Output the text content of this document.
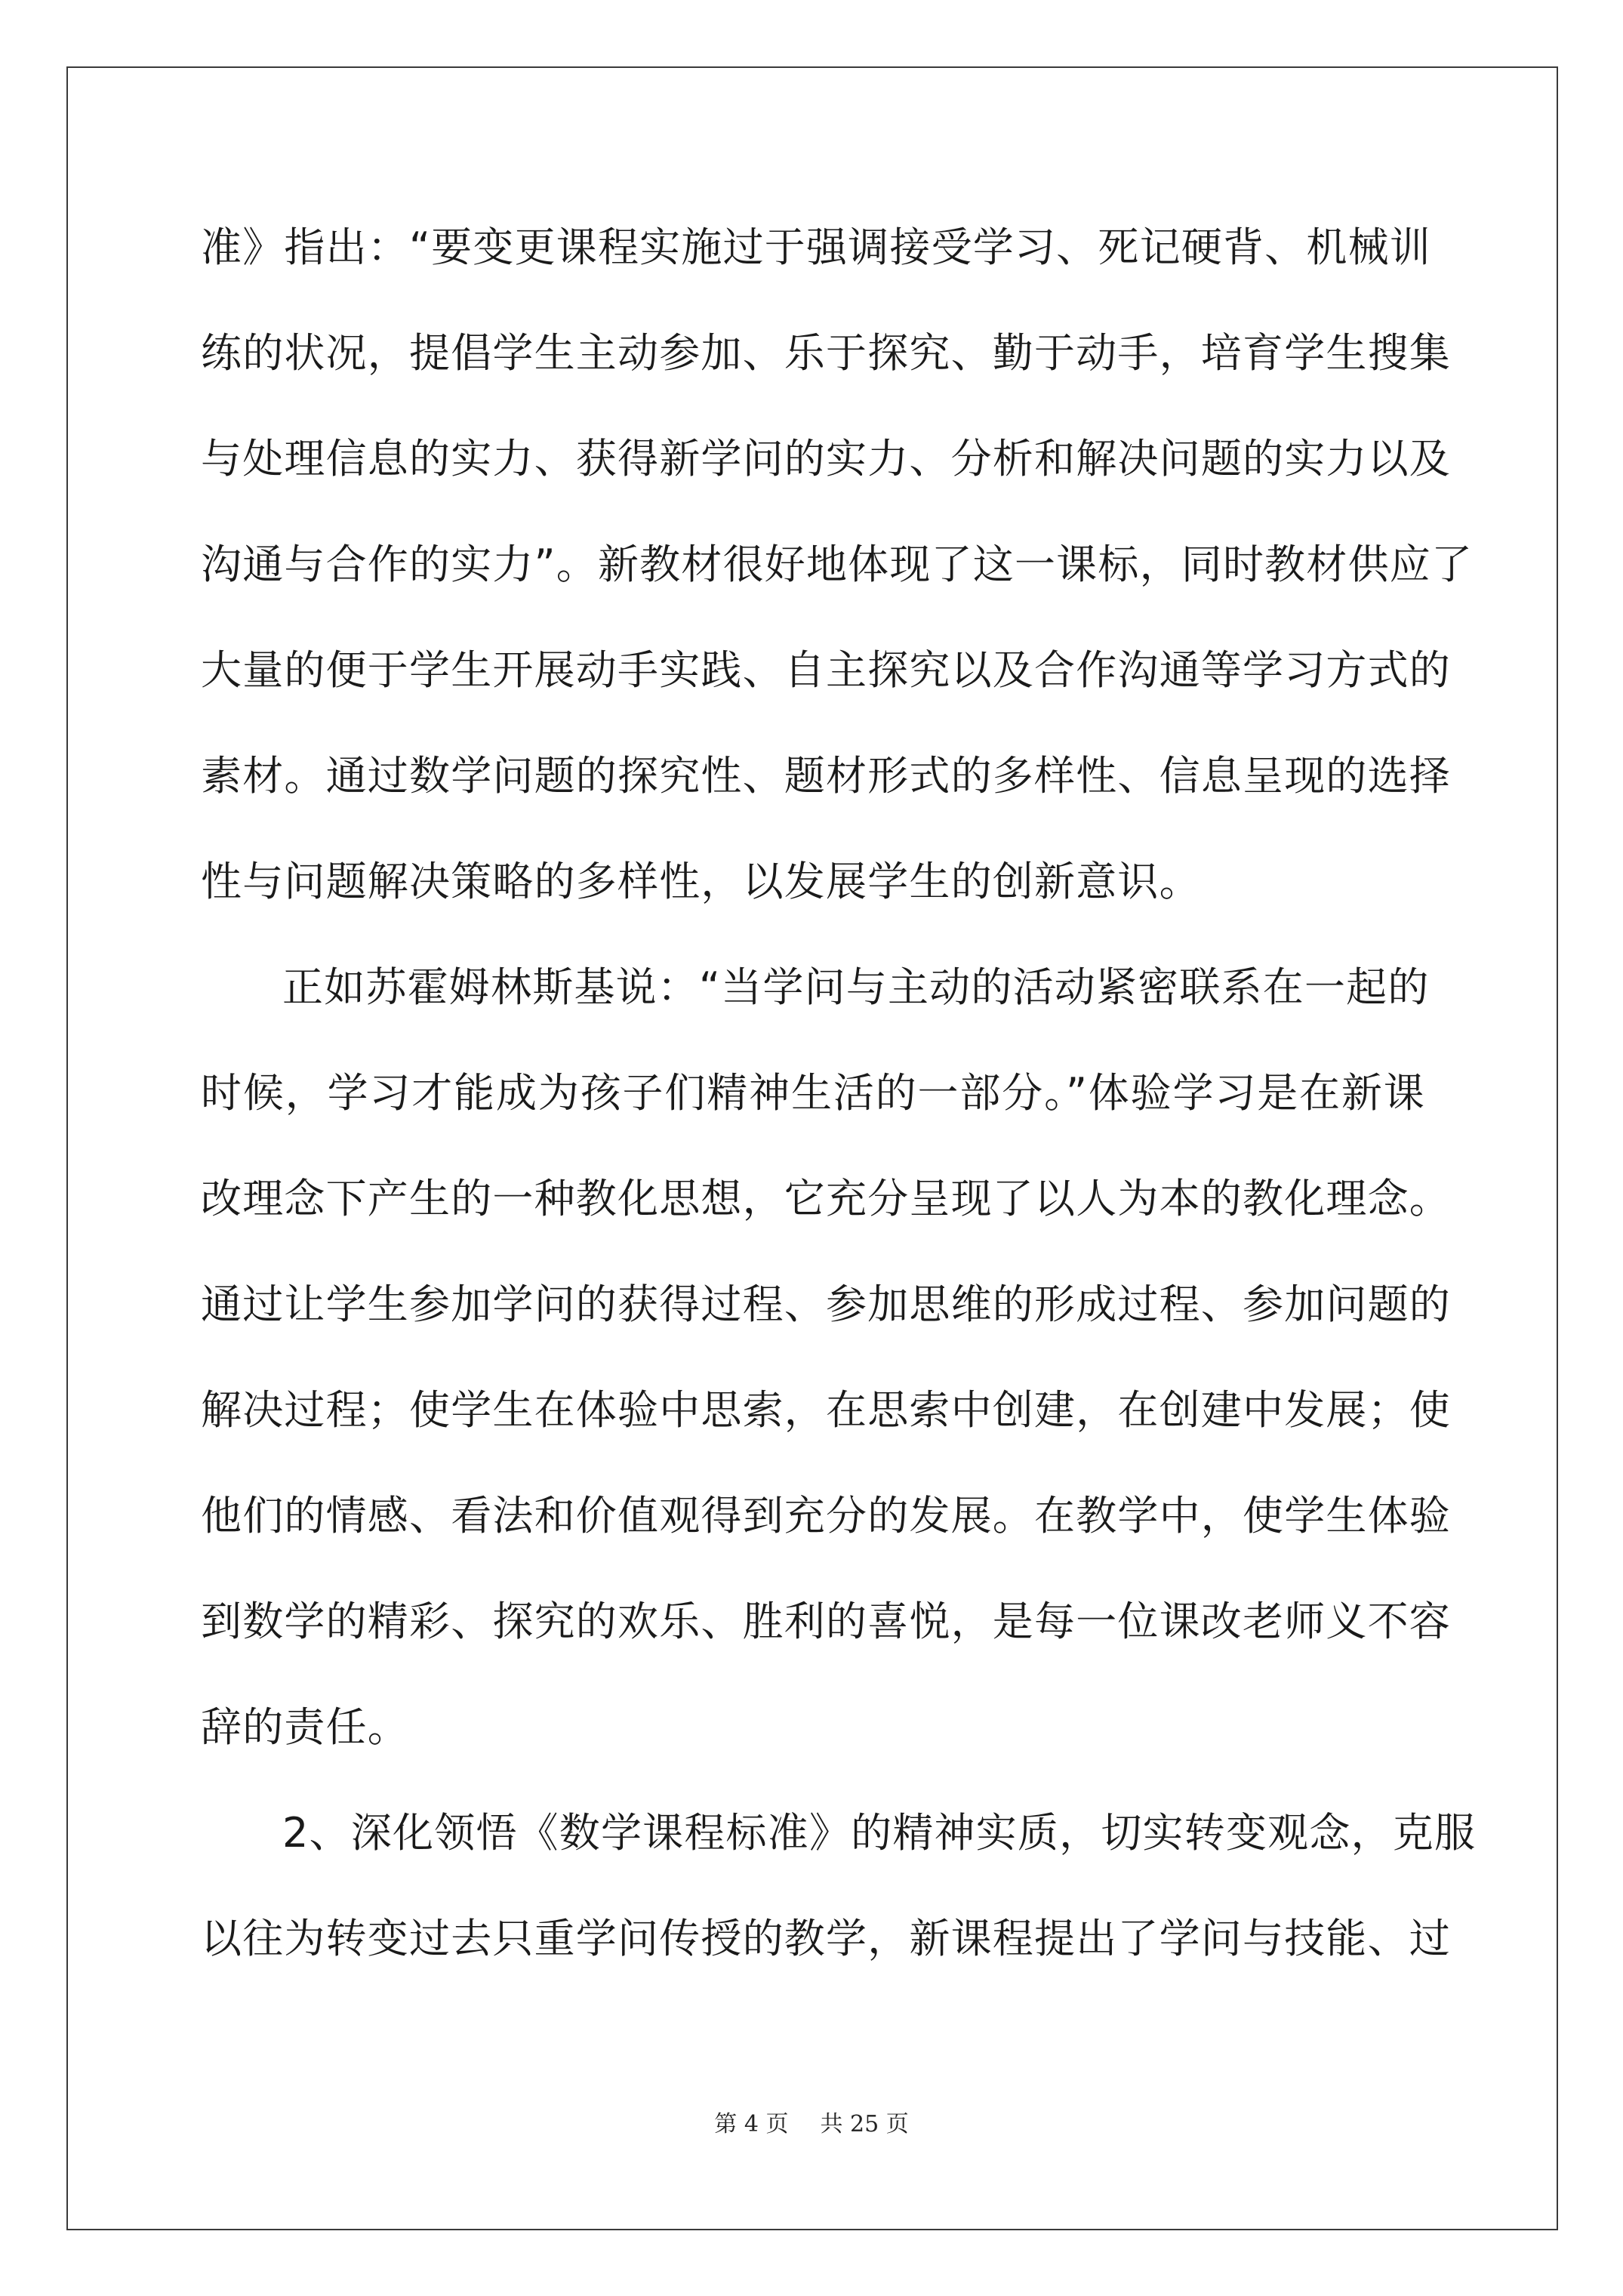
准》指出：“要变更课程实施过于强调接受学习、死记硬背、机械训
练的状况，提倡学生主动参加、乐于探究、勤于动手，培育学生搜集
与处理信息的实力、获得新学问的实力、分析和解决问题的实力以及
沟通与合作的实力”。新教材很好地体现了这一课标，同时教材供应了
大量的便于学生开展动手实践、自主探究以及合作沟通等学习方式的
素材。通过数学问题的探究性、题材形式的多样性、信息呈现的选择
性与问题解决策略的多样性，以发展学生的创新意识。
正如苏霍姆林斯基说：“当学问与主动的活动紧密联系在一起的
时候，学习才能成为孩子们精神生活的一部分。”体验学习是在新课
改理念下产生的一种教化思想，它充分呈现了以人为本的教化理念。
通过让学生参加学问的获得过程、参加思维的形成过程、参加问题的
解决过程；使学生在体验中思索，在思索中创建，在创建中发展；使
他们的情感、看法和价值观得到充分的发展。在教学中，使学生体验
到数学的精彩、探究的欢乐、胜利的喜悦，是每一位课改老师义不容
辞的责任。
2、深化领悟《数学课程标准》的精神实质，切实转变观念，克服
以往为转变过去只重学问传授的教学，新课程提出了学问与技能、过
第 4 页 共 25 页
